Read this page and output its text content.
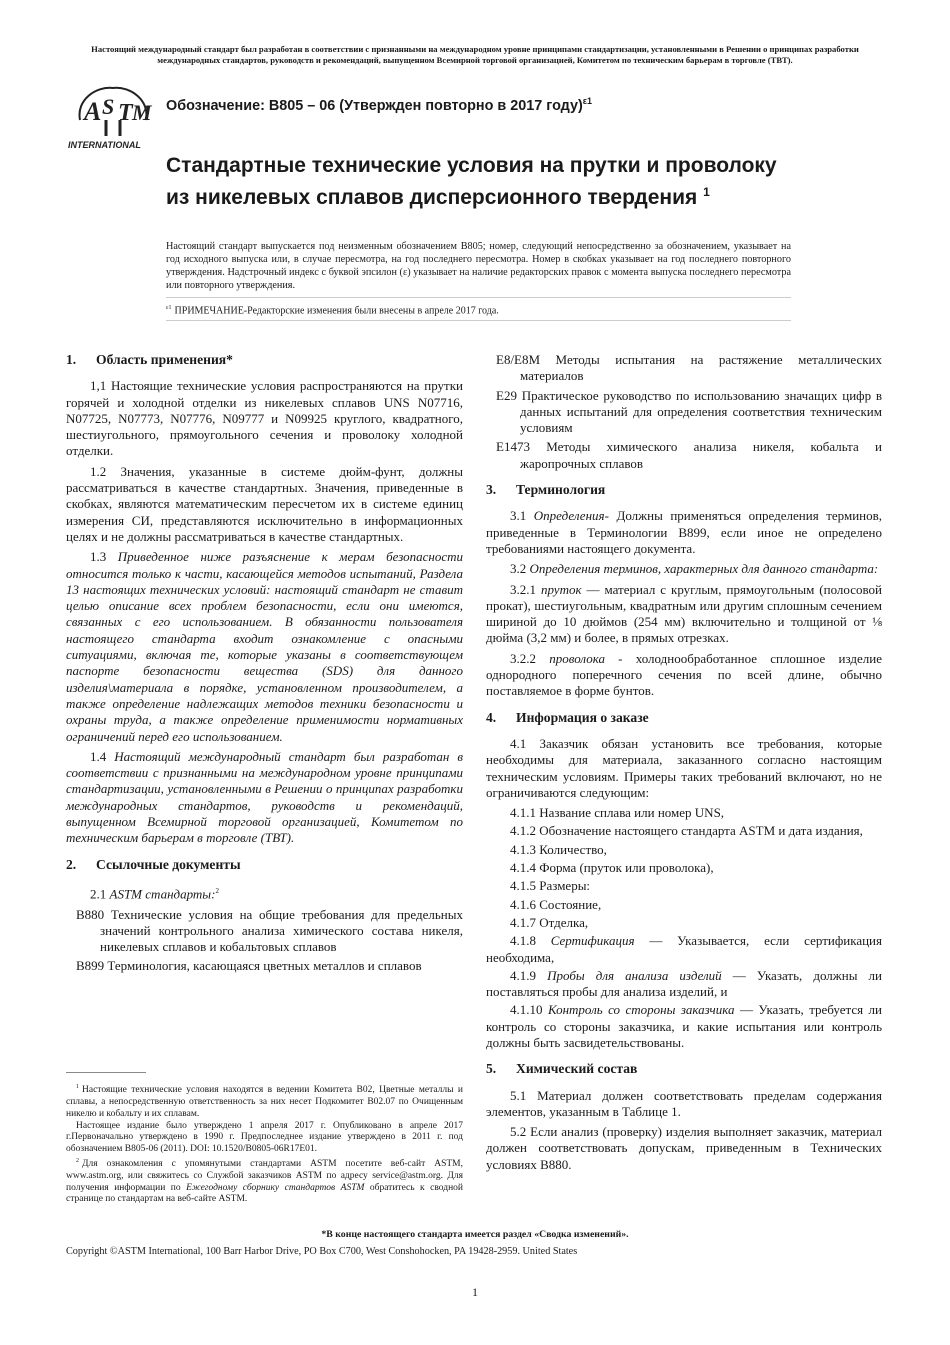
Настоящий международный стандарт был разработан в соответствии с признанными на международном уровне принципами стандартизации, установленными в Решении о принципах разработки международных стандартов, руководств и рекомендаций, выпущенном Всемирной торговой организацией, Комитетом по техническим барьерам в торговле (ТВТ).
A S T M
INTERNATIONAL
Обозначение: B805 – 06 (Утвержден повторно в 2017 году)$^{\varepsilon 1}$
Стандартные технические условия на прутки и проволоку из никелевых сплавов дисперсионного твердения $^1$
Настоящий стандарт выпускается под неизменным обозначением B805; номер, следующий непосредственно за обозначением, указывает на год исходного выпуска или, в случае пересмотра, на год последнего пересмотра. Номер в скобках указывает на год последнего повторного утверждения. Надстрочный индекс с буквой эпсилон (ε) указывает на наличие редакторских правок с момента выпуска последнего пересмотра или повторного утверждения.
$^{\varepsilon 1}$ ПРИМЕЧАНИЕ-Редакторские изменения были внесены в апреле 2017 года.
1. Область применения*

1,1 Настоящие технические условия распространяются на прутки горячей и холодной отделки из никелевых сплавов UNS N07716, N07725, N07773, N07776, N09777 и N09925 круглого, квадратного, шестиугольного, прямоугольного сечения и проволоку холодной отделки.

1.2 Значения, указанные в системе дюйм-фунт, должны рассматриваться в качестве стандартных. Значения, приведенные в скобках, являются математическим пересчетом их в системе единиц измерения СИ, представляются исключительно в информационных целях и не должны рассматриваться в качестве стандартных.

1.3 Приведенное ниже разъяснение к мерам безопасности относится только к части, касающейся методов испытаний, Раздела 13 настоящих технических условий: настоящий стандарт не ставит целью описание всех проблем безопасности, если они имеются, связанных с его использованием. В обязанности пользователя настоящего стандарта входит ознакомление с опасными ситуациями, включая те, которые указаны в соответствующем паспорте безопасности вещества (SDS) для данного изделия\материала в порядке, установленном производителем, а также определение надлежащих методов техники безопасности и охраны труда, а также определение применимости нормативных ограничений перед его использованием.

1.4 Настоящий международный стандарт был разработан в соответствии с признанными на международном уровне принципами стандартизации, установленными в Решении о принципах разработки международных стандартов, руководств и рекомендаций, выпущенном Всемирной торговой организацией, Комитетом по техническим барьерам в торговле (ТВТ).

2. Ссылочные документы

2.1 ASTM стандарты:$^2$

B880 Технические условия на общие требования для предельных значений контрольного анализа химического состава никеля, никелевых сплавов и кобальтовых сплавов

B899 Терминология, касающаяся цветных металлов и сплавов

$^1$ Настоящие технические условия находятся в ведении Комитета B02, Цветные металлы и сплавы, а непосредственную ответственность за них несет Подкомитет B02.07 по Очищенным никелю и кобальту и их сплавам.

Настоящее издание было утверждено 1 апреля 2017 г. Опубликовано в апреле 2017 г.Первоначально утверждено в 1990 г. Предпоследнее издание утверждено в 2011 г. под обозначением B805-06 (2011). DOI: 10.1520/B0805-06R17E01.

$^2$ Для ознакомления с упомянутыми стандартами ASTM посетите веб-сайт ASTM, www.astm.org, или свяжитесь со Службой заказчиков ASTM по адресу service@astm.org. Для получения информации по Ежегодному сборнику стандартов ASTM обратитесь к сводной странице по стандартам на веб-сайте ASTM.

E8/E8M Методы испытания на растяжение металлических материалов

E29 Практическое руководство по использованию значащих цифр в данных испытаний для определения соответствия техническим условиям

E1473 Методы химического анализа никеля, кобальта и жаропрочных сплавов

3. Терминология

3.1 Определения- Должны применяться определения терминов, приведенные в Терминологии B899, если иное не определено требованиями настоящего документа.

3.2 Определения терминов, характерных для данного стандарта:

3.2.1 пруток — материал с круглым, прямоугольным (полосовой прокат), шестиугольным, квадратным или другим сплошным сечением шириной до 10 дюймов (254 мм) включительно и толщиной от ⅛ дюйма (3,2 мм) и более, в прямых отрезках.

3.2.2 проволока - холоднообработанное сплошное изделие однородного поперечного сечения по всей длине, обычно поставляемое в форме бунтов.

4. Информация о заказе

4.1 Заказчик обязан установить все требования, которые необходимы для материала, заказанного согласно настоящим техническим условиям. Примеры таких требований включают, но не ограничиваются следующим:

4.1.1 Название сплава или номер UNS,

4.1.2 Обозначение настоящего стандарта ASTM и дата издания,

4.1.3 Количество,

4.1.4 Форма (пруток или проволока),

4.1.5 Размеры:

4.1.6 Состояние,

4.1.7 Отделка,

4.1.8 Сертификация — Указывается, если сертификация необходима,

4.1.9 Пробы для анализа изделий — Указать, должны ли поставляться пробы для анализа изделий, и

4.1.10 Контроль со стороны заказчика — Указать, требуется ли контроль со стороны заказчика, и какие испытания или контроль должны быть засвидетельствованы.

5. Химический состав

5.1 Материал должен соответствовать пределам содержания элементов, указанным в Таблице 1.

5.2 Если анализ (проверку) изделия выполняет заказчик, материал должен соответствовать допускам, приведенным в Технических условиях B880.

*В конце настоящего стандарта имеется раздел «Сводка изменений».
Copyright ©ASTM International, 100 Barr Harbor Drive, PO Box C700, West Conshohocken, PA 19428-2959. United States
1
